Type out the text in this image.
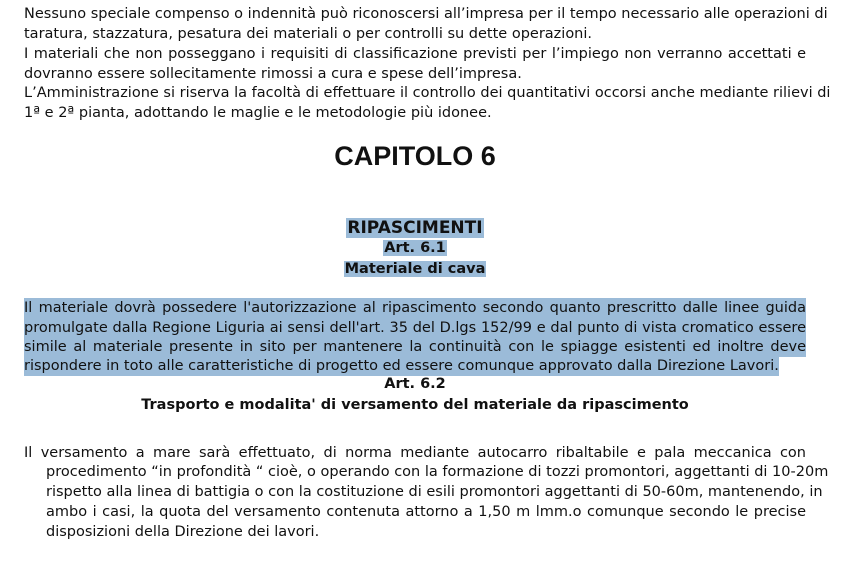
Nessuno speciale compenso o indennità può riconoscersi all’impresa per il tempo necessario alle operazioni di
taratura, stazzatura, pesatura dei materiali o per controlli su dette operazioni.
I materiali che non posseggano i requisiti di classificazione previsti per l’impiego non verranno accettati e
dovranno essere sollecitamente rimossi a cura e spese dell’impresa.
L’Amministrazione si riserva la facoltà di effettuare il controllo dei quantitativi occorsi anche mediante rilievi di
1ª e 2ª pianta, adottando le maglie e le metodologie più idonee.
CAPITOLO 6
RIPASCIMENTI
Art. 6.1
Materiale di cava
Il materiale dovrà possedere l'autorizzazione al ripascimento secondo quanto prescritto dalle linee guida
promulgate dalla Regione Liguria ai sensi dell'art. 35 del D.lgs 152/99 e dal punto di vista cromatico essere
simile al materiale presente in sito per mantenere la continuità con le spiagge esistenti ed inoltre deve
rispondere in toto alle caratteristiche di progetto ed essere comunque approvato dalla Direzione Lavori.
Art. 6.2
Trasporto e modalita' di versamento del materiale da ripascimento
Il versamento a mare sarà effettuato, di norma mediante autocarro ribaltabile e pala meccanica con
procedimento “in profondità “ cioè, o operando con la formazione di tozzi promontori, aggettanti di 10-20m
rispetto alla linea di battigia o con la costituzione di esili promontori aggettanti di 50-60m, mantenendo, in
ambo i casi, la quota del versamento contenuta attorno a 1,50 m lmm.o comunque secondo le precise
disposizioni della Direzione dei lavori.
